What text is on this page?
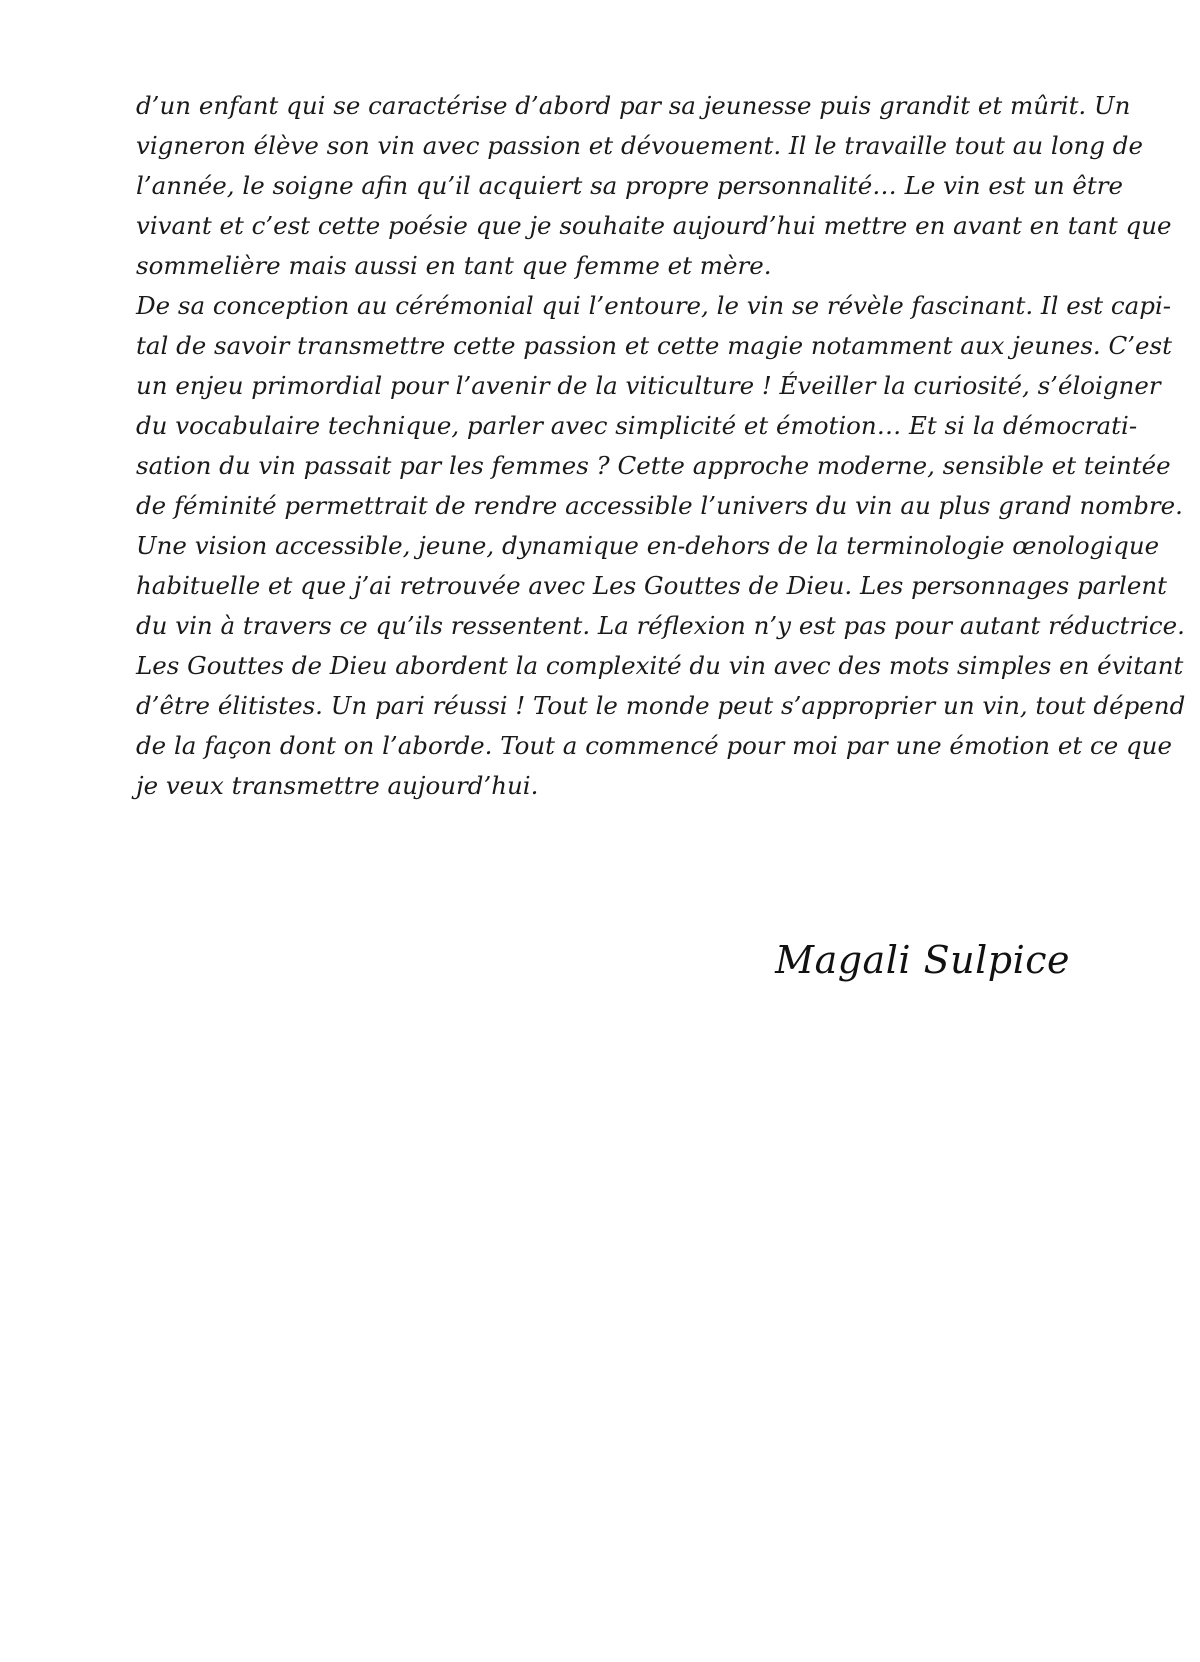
d’un enfant qui se caractérise d’abord par sa jeunesse puis grandit et mûrit. Un
vigneron élève son vin avec passion et dévouement. Il le travaille tout au long de
l’année, le soigne afin qu’il acquiert sa propre personnalité… Le vin est un être
vivant et c’est cette poésie que je souhaite aujourd’hui mettre en avant en tant que
sommelière mais aussi en tant que femme et mère.
De sa conception au cérémonial qui l’entoure, le vin se révèle fascinant. Il est capi-
tal de savoir transmettre cette passion et cette magie notamment aux jeunes. C’est
un enjeu primordial pour l’avenir de la viticulture ! Éveiller la curiosité, s’éloigner
du vocabulaire technique, parler avec simplicité et émotion… Et si la démocrati-
sation du vin passait par les femmes ? Cette approche moderne, sensible et teintée
de féminité permettrait de rendre accessible l’univers du vin au plus grand nombre.
Une vision accessible, jeune, dynamique en-dehors de la terminologie œnologique
habituelle et que j’ai retrouvée avec Les Gouttes de Dieu. Les personnages parlent
du vin à travers ce qu’ils ressentent. La réflexion n’y est pas pour autant réductrice.
Les Gouttes de Dieu abordent la complexité du vin avec des mots simples en évitant
d’être élitistes. Un pari réussi ! Tout le monde peut s’approprier un vin, tout dépend
de la façon dont on l’aborde. Tout a commencé pour moi par une émotion et ce que
je veux transmettre aujourd’hui.
Magali Sulpice
